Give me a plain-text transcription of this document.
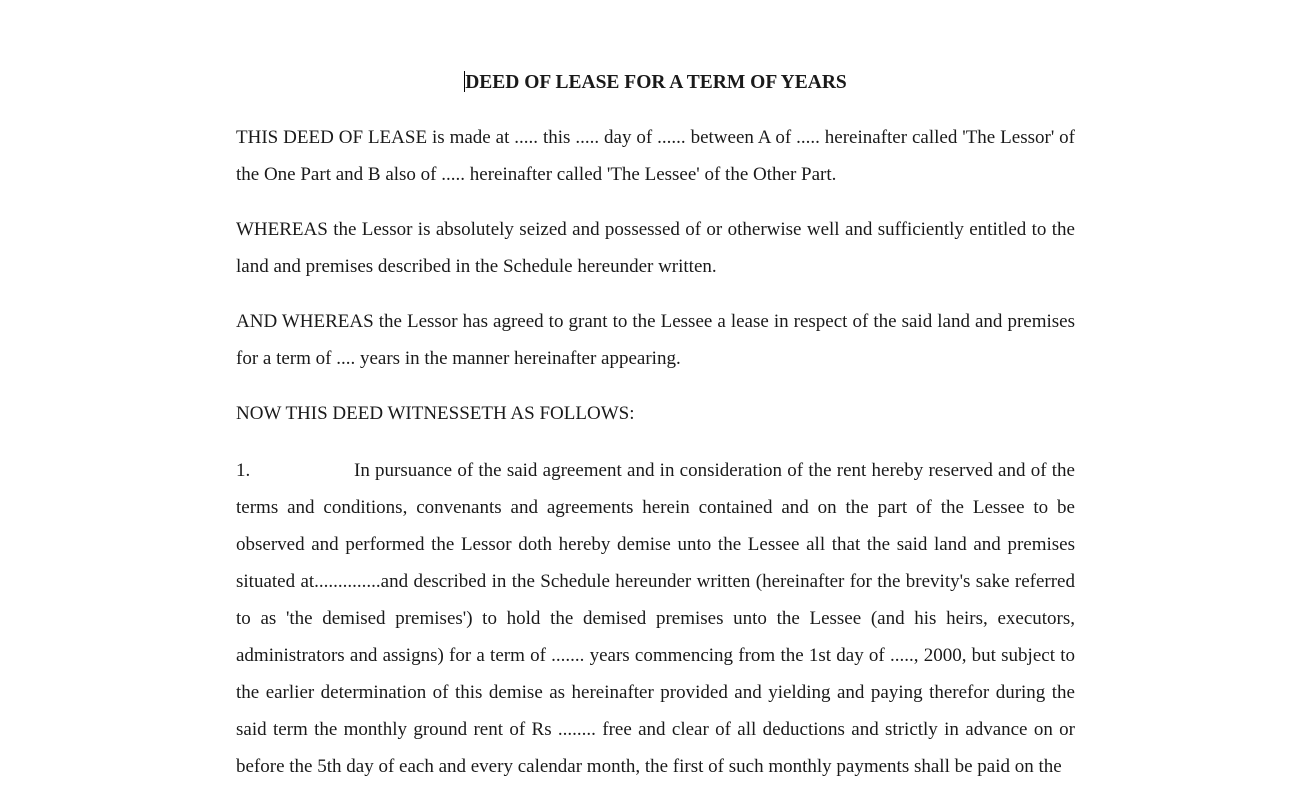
DEED OF LEASE FOR A TERM OF YEARS

THIS DEED OF LEASE is made at ..... this ..... day of ...... between A of ..... hereinafter called 'The Lessor' of the One Part and B also of ..... hereinafter called 'The Lessee' of the Other Part.

WHEREAS the Lessor is absolutely seized and possessed of or otherwise well and sufficiently entitled to the land and premises described in the Schedule hereunder written.

AND WHEREAS the Lessor has agreed to grant to the Lessee a lease in respect of the said land and premises for a term of .... years in the manner hereinafter appearing.

NOW THIS DEED WITNESSETH AS FOLLOWS:

1.	In pursuance of the said agreement and in consideration of the rent hereby reserved and of the terms and conditions, convenants and agreements herein contained and on the part of the Lessee to be observed and performed the Lessor doth hereby demise unto the Lessee all that the said land and premises situated at..............and described in the Schedule hereunder written (hereinafter for the brevity's sake referred to as 'the demised premises') to hold the demised premises unto the Lessee (and his heirs, executors, administrators and assigns) for a term of ....... years commencing from the 1st day of ....., 2000, but subject to the earlier determination of this demise as hereinafter provided and yielding and paying therefor during the said term the monthly ground rent of Rs ........ free and clear of all deductions and strictly in advance on or before the 5th day of each and every calendar month, the first of such monthly payments shall be paid on the
